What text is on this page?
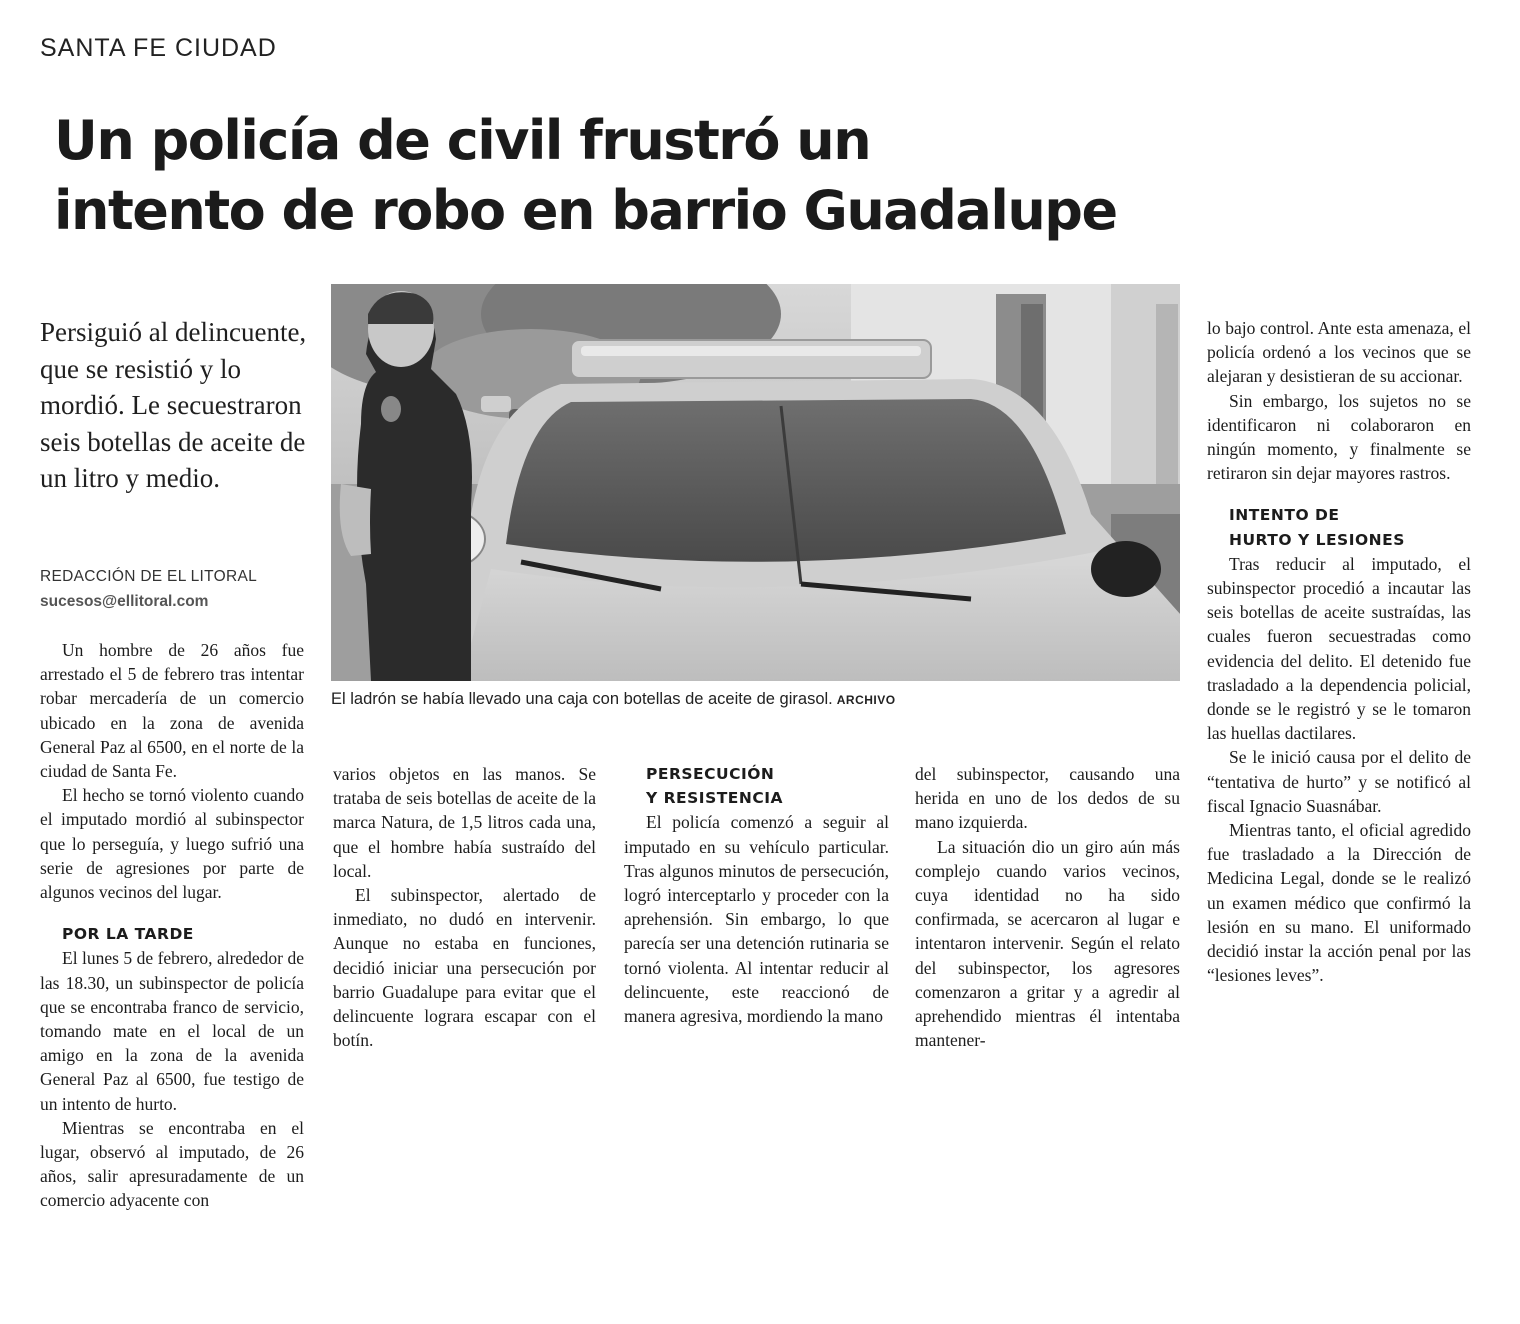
SANTA FE CIUDAD
Un policía de civil frustró un
intento de robo en barrio Guadalupe
Persiguió al delincuente, que se resistió y lo mordió. Le secuestraron seis botellas de aceite de un litro y medio.
REDACCIÓN DE EL LITORAL
sucesos@ellitoral.com

Un hombre de 26 años fue arrestado el 5 de febrero tras intentar robar mercadería de un comercio ubicado en la zona de avenida General Paz al 6500, en el norte de la ciudad de Santa Fe.

El hecho se tornó violento cuando el imputado mordió al subinspector que lo perseguía, y luego sufrió una serie de agresiones por parte de algunos vecinos del lugar.

POR LA TARDE

El lunes 5 de febrero, alrededor de las 18.30, un subinspector de policía que se encontraba franco de servicio, tomando mate en el local de un amigo en la zona de la avenida General Paz al 6500, fue testigo de un intento de hurto.

Mientras se encontraba en el lugar, observó al imputado, de 26 años, salir apresuradamente de un comercio adyacente con

El ladrón se había llevado una caja con botellas de aceite de girasol. ARCHIVO

varios objetos en las manos. Se trataba de seis botellas de aceite de la marca Natura, de 1,5 litros cada una, que el hombre había sustraído del local.

El subinspector, alertado de inmediato, no dudó en intervenir. Aunque no estaba en funciones, decidió iniciar una persecución por barrio Guadalupe para evitar que el delincuente lograra escapar con el botín.

PERSECUCIÓN
Y RESISTENCIA

El policía comenzó a seguir al imputado en su vehículo particular. Tras algunos minutos de persecución, logró interceptarlo y proceder con la aprehensión. Sin embargo, lo que parecía ser una detención rutinaria se tornó violenta. Al intentar reducir al delincuente, este reaccionó de manera agresiva, mordiendo la mano

del subinspector, causando una herida en uno de los dedos de su mano izquierda.

La situación dio un giro aún más complejo cuando varios vecinos, cuya identidad no ha sido confirmada, se acercaron al lugar e intentaron intervenir. Según el relato del subinspector, los agresores comenzaron a gritar y a agredir al aprehendido mientras él intentaba mantener-

lo bajo control. Ante esta amenaza, el policía ordenó a los vecinos que se alejaran y desistieran de su accionar.

Sin embargo, los sujetos no se identificaron ni colaboraron en ningún momento, y finalmente se retiraron sin dejar mayores rastros.

INTENTO DE
HURTO Y LESIONES

Tras reducir al imputado, el subinspector procedió a incautar las seis botellas de aceite sustraídas, las cuales fueron secuestradas como evidencia del delito. El detenido fue trasladado a la dependencia policial, donde se le registró y se le tomaron las huellas dactilares.

Se le inició causa por el delito de “tentativa de hurto” y se notificó al fiscal Ignacio Suasnábar.

Mientras tanto, el oficial agredido fue trasladado a la Dirección de Medicina Legal, donde se le realizó un examen médico que confirmó la lesión en su mano. El uniformado decidió instar la acción penal por las “lesiones leves”.
